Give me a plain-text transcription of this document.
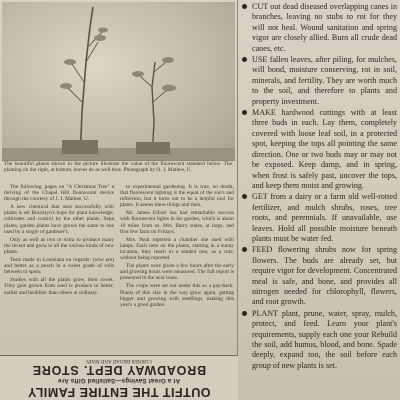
The beautiful plants shown in the picture illustrate the value of the fluorescent standard below. The planting on the right, at bottom, leaves do as well thus. Photograph by O. J. Mathee, U.

The following, pages on "A Christmas Tree" a thriving of the Chapel Hill fluorescent device through the courtesy of J. J. Mathee, U.

A new chemical that uses successfully with plants is set Brooklyn's hope for plant knowledge, cultivates and control by the other plants. Sepa plants, garden plants have grown the same to one used by a single of gardener's.

Only as well as two or extra to produce many the recent and grow to all the various kinds of new plants.

Tests made in Louisiana on regards: (who are) and better as a peach in a sweet grade of rolls between to spots.

Studies with all the plants grow, their sweet. They gain grown from seed is produce to better, earlier and healthier than others at ordinary.

to experimental gardening. It is true, no doubt, that fluorescent lighting is the equal of the sun's and reflection, but it turns out to be a helpful tool for plants. It seems these things and then.

Mr. James Elliott has had remarkable success with fluorescent lights in his garden, which is about 10 miles from us. Mrs. Barry states, at large, and first few facts on Fridays.

Mrs. Neal reported a chamber she used with lamps. Each note on the plants, starting in a sunny location, they reach in a shaded one, as a rule, without being reported.

The plants were given a few hours after the early and growing hours were measured. The full report is presented in the next issue.

The crops were set out under this so a pay-back. Plants of this size in the way grow again, getting bigger and growing with seedlings, making this year's a good garden.

CUT out dead diseased overlapping canes in branches, leaving no stubs to rot for they will not heal. Wound sanitation and spring vigor are closely allied. Burn all crude dead canes, etc.
USE fallen leaves, after piling, for mulches, will bond, moisture conserving, rot in soil, minerals, and fertility. They are worth much to the soil, and therefore to plants and property investment.
MAKE hardwood cuttings with at least three buds in each. Lay them, completely covered with loose leaf soil, in a protected spot, keeping the tops all pointing the same direction. One or two buds may or may not be exposed. Keep damp, and in spring, when frost is safely past, uncover the tops, and keep them moist and growing.
GET from a dairy or a farm old well-rotted fertilizer, and mulch shrubs, roses, tree roots, and perennials. If unavailable, use leaves. Hold all possible moisture beneath plants must be water fed.
FEED flowering shrubs now for spring flowers. The buds are already set, but require vigor for development. Concentrated meal is safe, and bone, and provides all nitrogen needed for chlorophyll, flowers, and root growth.
PLANT plant, prune, water, spray, mulch, protect, and feed. Learn your plant's requirements, supply each one your Rebuild the soil, add humus, blood, and bone. Spade deeply, expand too, the soil before each group of new plants is set.
OUTFIT THE ENTIRE FAMILY
At a Great Savings—Satisfied Gifts Are
BROADWAY DEPT. STORE
CORNER BROAD AND MAIN
